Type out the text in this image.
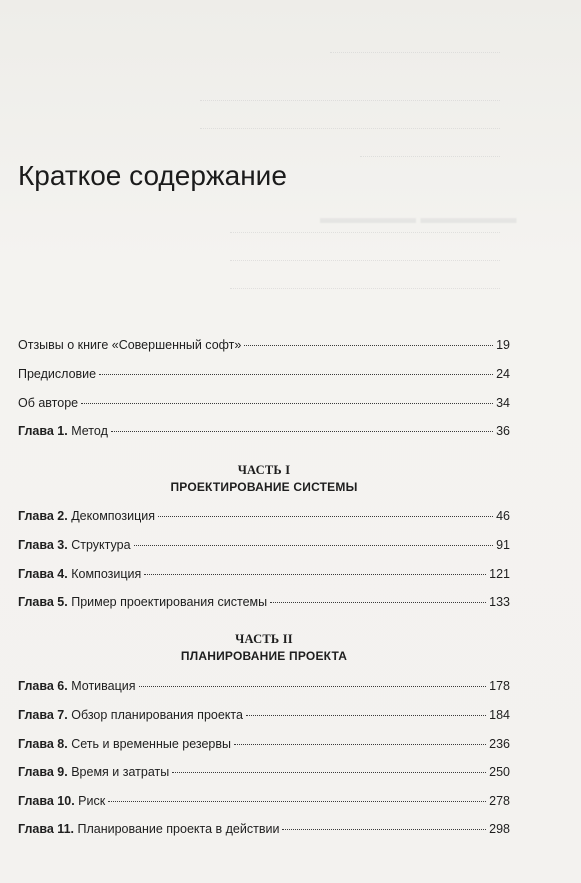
▬▬▬▬▬▬ ▬▬▬▬▬▬
Краткое содержание
Отзывы о книге «Совершенный софт»	19
Предисловие	24
Об авторе	34
Глава 1. Метод	36
ЧАСТЬ I
ПРОЕКТИРОВАНИЕ СИСТЕМЫ
Глава 2. Декомпозиция	46
Глава 3. Структура	91
Глава 4. Композиция	121
Глава 5. Пример проектирования системы	133
ЧАСТЬ II
ПЛАНИРОВАНИЕ ПРОЕКТА
Глава 6. Мотивация	178
Глава 7. Обзор планирования проекта	184
Глава 8. Сеть и временные резервы	236
Глава 9. Время и затраты	250
Глава 10. Риск	278
Глава 11. Планирование проекта в действии	298
